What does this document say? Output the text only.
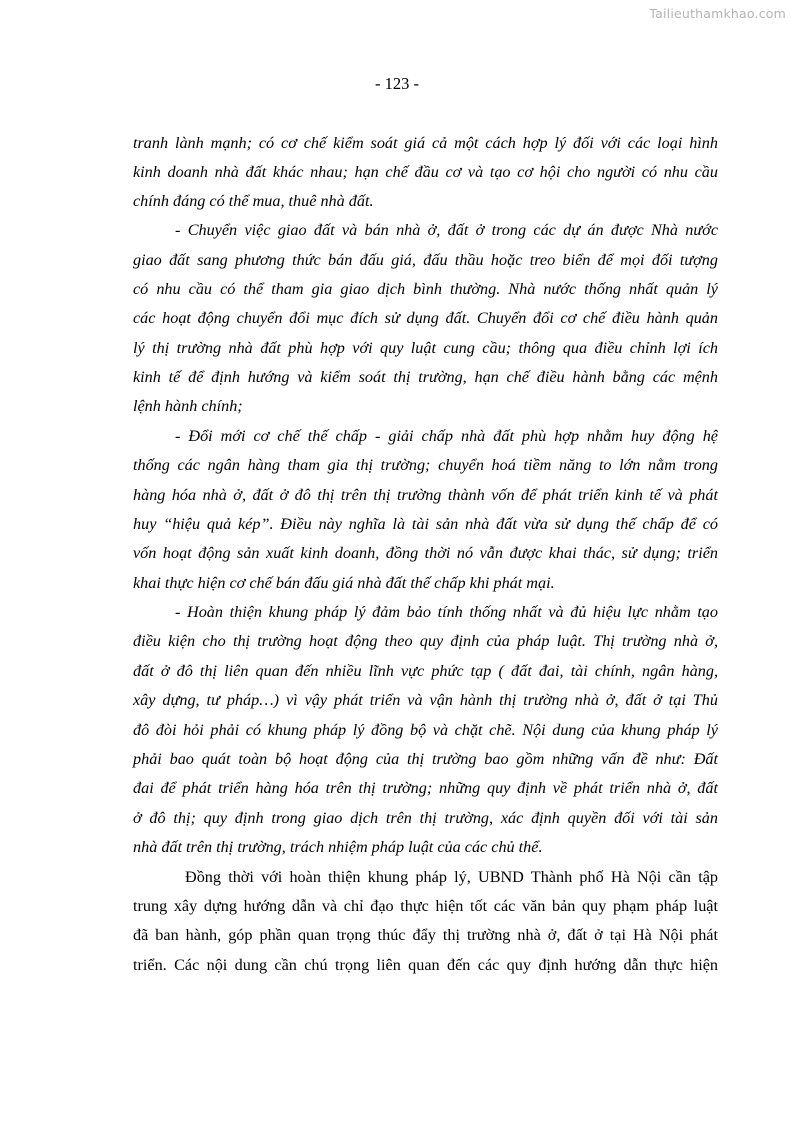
Tailieuthamkhao.com
- 123 -
tranh lành mạnh; có cơ chế kiểm soát giá cả một cách hợp lý đối với các loại hình
kinh doanh nhà đất khác nhau; hạn chế đầu cơ và tạo cơ hội cho người có nhu cầu
chính đáng có thể mua, thuê nhà đất.
- Chuyển việc giao đất và bán nhà ở, đất ở trong các dự án được Nhà nước
giao đất sang phương thức bán đấu giá, đấu thầu hoặc treo biển để mọi đối tượng
có nhu cầu có thể tham gia giao dịch bình thường. Nhà nước thống nhất quản lý
các hoạt động chuyển đổi mục đích sử dụng đất. Chuyển đổi cơ chế điều hành quản
lý thị trường nhà đất phù hợp với quy luật cung cầu; thông qua điều chỉnh lợi ích
kinh tế để định hướng và kiểm soát thị trường, hạn chế điều hành bằng các mệnh
lệnh hành chính;
- Đổi mới cơ chế thế chấp - giải chấp nhà đất phù hợp nhằm huy động hệ
thống các ngân hàng tham gia thị trường; chuyển hoá tiềm năng to lớn nằm trong
hàng hóa nhà ở, đất ở đô thị trên thị trường thành vốn để phát triển kinh tế và phát
huy “hiệu quả kép”. Điều này nghĩa là tài sản nhà đất vừa sử dụng thế chấp để có
vốn hoạt động sản xuất kinh doanh, đồng thời nó vẫn được khai thác, sử dụng; triển
khai thực hiện cơ chế bán đấu giá nhà đất thế chấp khi phát mại.
- Hoàn thiện khung pháp lý đảm bảo tính thống nhất và đủ hiệu lực nhằm tạo
điều kiện cho thị trường hoạt động theo quy định của pháp luật. Thị trường nhà ở,
đất ở đô thị liên quan đến nhiều lĩnh vực phức tạp ( đất đai, tài chính, ngân hàng,
xây dựng, tư pháp…) vì vậy phát triển và vận hành thị trường nhà ở, đất ở tại Thủ
đô đòi hỏi phải có khung pháp lý đồng bộ và chặt chẽ. Nội dung của khung pháp lý
phải bao quát toàn bộ hoạt động của thị trường bao gồm những vấn đề như: Đất
đai để phát triển hàng hóa trên thị trường; những quy định về phát triển nhà ở, đất
ở đô thị; quy định trong giao dịch trên thị trường, xác định quyền đối với tài sản
nhà đất trên thị trường, trách nhiệm pháp luật của các chủ thể.
Đồng thời với hoàn thiện khung pháp lý, UBND Thành phố Hà Nội cần tập
trung xây dựng hướng dẫn và chỉ đạo thực hiện tốt các văn bản quy phạm pháp luật
đã ban hành, góp phần quan trọng thúc đẩy thị trường nhà ở, đất ở tại Hà Nội phát
triển. Các nội dung cần chú trọng liên quan đến các quy định hướng dẫn thực hiện
